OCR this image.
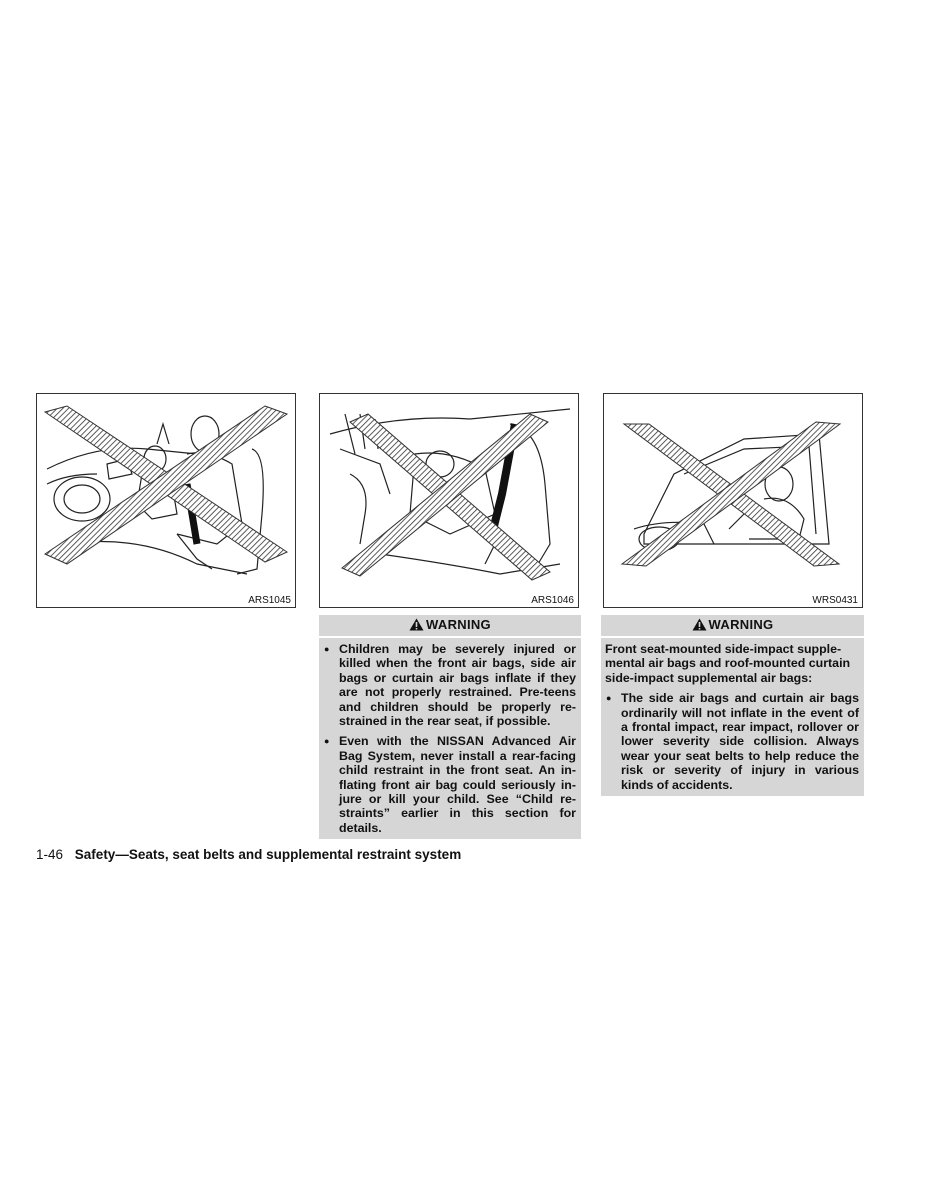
ARS1045	ARS1046	WRS0431
WARNING
● Children may be severely injured or killed when the front air bags, side air bags or curtain air bags inflate if they are not properly restrained. Pre-teens and children should be properly re-strained in the rear seat, if possible.
● Even with the NISSAN Advanced Air Bag System, never install a rear-facing child restraint in the front seat. An in-flating front air bag could seriously in-jure or kill your child. See “Child re-straints” earlier in this section for details.
WARNING

Front seat-mounted side-impact supple-mental air bags and roof-mounted curtain side-impact supplemental air bags:

● The side air bags and curtain air bags ordinarily will not inflate in the event of a frontal impact, rear impact, rollover or lower severity side collision. Always wear your seat belts to help reduce the risk or severity of injury in various kinds of accidents.
1-46 Safety—Seats, seat belts and supplemental restraint system
